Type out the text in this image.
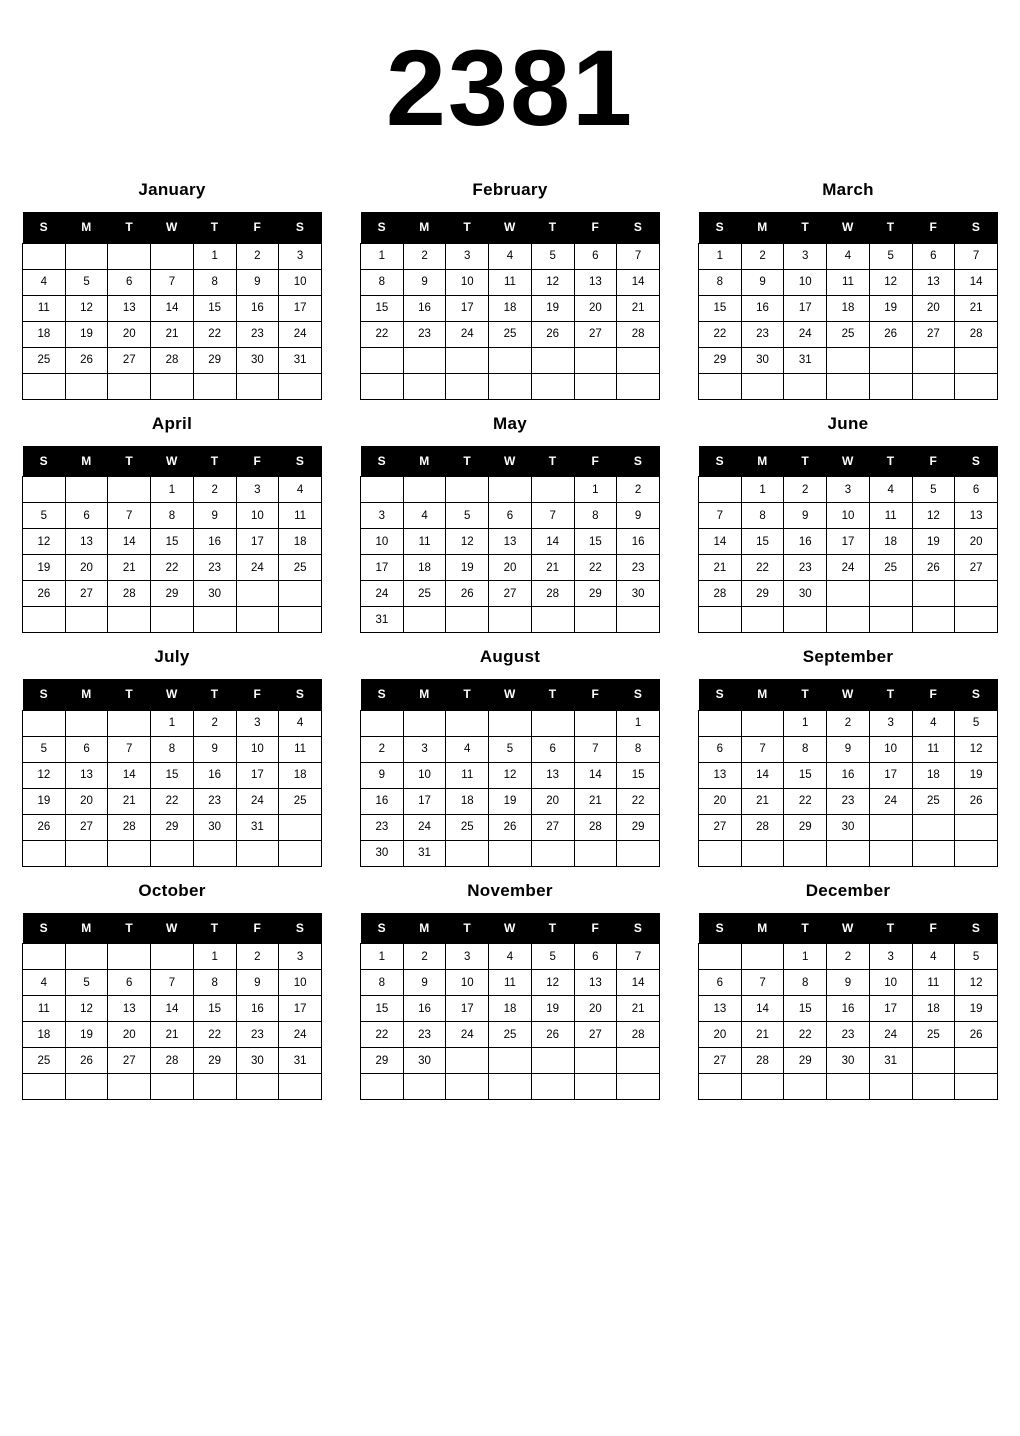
2381
January
S	M	T	W	T	F	S
				1	2	3
4	5	6	7	8	9	10
11	12	13	14	15	16	17
18	19	20	21	22	23	24
25	26	27	28	29	30	31

February
S	M	T	W	T	F	S
1	2	3	4	5	6	7
8	9	10	11	12	13	14
15	16	17	18	19	20	21
22	23	24	25	26	27	28

March
S	M	T	W	T	F	S
1	2	3	4	5	6	7
8	9	10	11	12	13	14
15	16	17	18	19	20	21
22	23	24	25	26	27	28
29	30	31				

April
S	M	T	W	T	F	S
			1	2	3	4
5	6	7	8	9	10	11
12	13	14	15	16	17	18
19	20	21	22	23	24	25
26	27	28	29	30		

May
S	M	T	W	T	F	S
					1	2
3	4	5	6	7	8	9
10	11	12	13	14	15	16
17	18	19	20	21	22	23
24	25	26	27	28	29	30
31						
June
S	M	T	W	T	F	S
	1	2	3	4	5	6
7	8	9	10	11	12	13
14	15	16	17	18	19	20
21	22	23	24	25	26	27
28	29	30				

July
S	M	T	W	T	F	S
			1	2	3	4
5	6	7	8	9	10	11
12	13	14	15	16	17	18
19	20	21	22	23	24	25
26	27	28	29	30	31	

August
S	M	T	W	T	F	S
						1
2	3	4	5	6	7	8
9	10	11	12	13	14	15
16	17	18	19	20	21	22
23	24	25	26	27	28	29
30	31					
September
S	M	T	W	T	F	S
		1	2	3	4	5
6	7	8	9	10	11	12
13	14	15	16	17	18	19
20	21	22	23	24	25	26
27	28	29	30			

October
S	M	T	W	T	F	S
				1	2	3
4	5	6	7	8	9	10
11	12	13	14	15	16	17
18	19	20	21	22	23	24
25	26	27	28	29	30	31

November
S	M	T	W	T	F	S
1	2	3	4	5	6	7
8	9	10	11	12	13	14
15	16	17	18	19	20	21
22	23	24	25	26	27	28
29	30					

December
S	M	T	W	T	F	S
		1	2	3	4	5
6	7	8	9	10	11	12
13	14	15	16	17	18	19
20	21	22	23	24	25	26
27	28	29	30	31		
